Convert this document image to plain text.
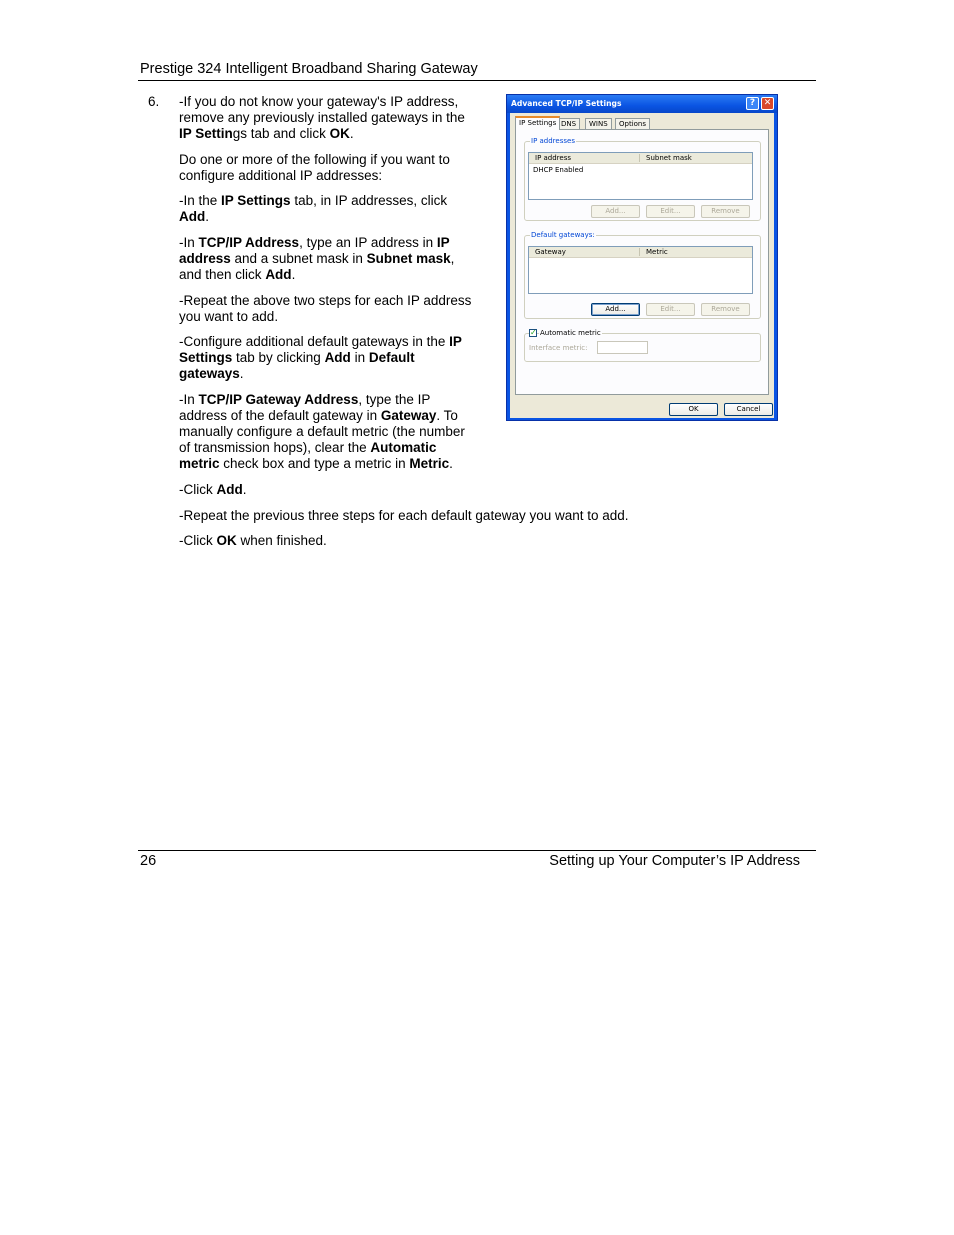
Prestige 324 Intelligent Broadband Sharing Gateway
6. -If you do not know your gateway's IP address,
remove any previously installed gateways in the
IP Settings tab and click OK.
Do one or more of the following if you want to
configure additional IP addresses:
-In the IP Settings tab, in IP addresses, click
Add.
-In TCP/IP Address, type an IP address in IP
address and a subnet mask in Subnet mask,
and then click Add.
-Repeat the above two steps for each IP address
you want to add.
-Configure additional default gateways in the IP
Settings tab by clicking Add in Default
gateways.
-In TCP/IP Gateway Address, type the IP
address of the default gateway in Gateway. To
manually configure a default metric (the number
of transmission hops), clear the Automatic
metric check box and type a metric in Metric.
-Click Add.
-Repeat the previous three steps for each default gateway you want to add.
-Click OK when finished.
Advanced TCP/IP Settings	? ✕
IP Settings DNS	WINS	Options
IP addresses
IP address	Subnet mask
DHCP Enabled
Add...	Edit...	Remove
Default gateways:
Gateway	Metric
Add...	Edit...	Remove
✓ Automatic metric
Interface metric:
OK	Cancel
26	Setting up Your Computer’s IP Address
